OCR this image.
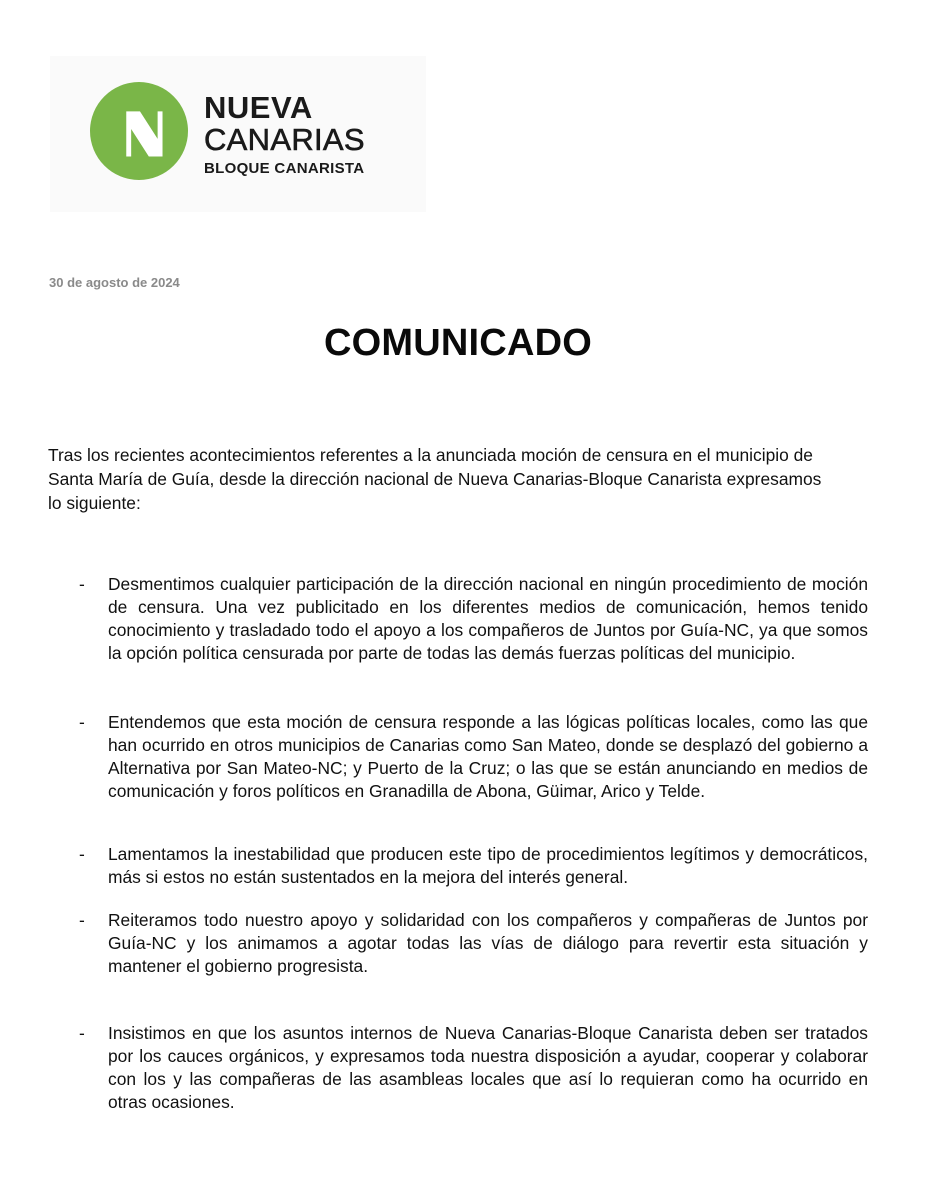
NUEVA
CANARIAS
BLOQUE CANARISTA
30 de agosto de 2024
COMUNICADO
Tras los recientes acontecimientos referentes a la anunciada moción de censura en el municipio de Santa María de Guía, desde la dirección nacional de Nueva Canarias-Bloque Canarista expresamos lo siguiente:
- Desmentimos cualquier participación de la dirección nacional en ningún procedimiento de moción de censura. Una vez publicitado en los diferentes medios de comunicación, hemos tenido conocimiento y trasladado todo el apoyo a los compañeros de Juntos por Guía-NC, ya que somos la opción política censurada por parte de todas las demás fuerzas políticas del municipio.
- Entendemos que esta moción de censura responde a las lógicas políticas locales, como las que han ocurrido en otros municipios de Canarias como San Mateo, donde se desplazó del gobierno a Alternativa por San Mateo-NC; y Puerto de la Cruz; o las que se están anunciando en medios de comunicación y foros políticos en Granadilla de Abona, Güimar, Arico y Telde.
- Lamentamos la inestabilidad que producen este tipo de procedimientos legítimos y democráticos, más si estos no están sustentados en la mejora del interés general.
- Reiteramos todo nuestro apoyo y solidaridad con los compañeros y compañeras de Juntos por Guía-NC y los animamos a agotar todas las vías de diálogo para revertir esta situación y mantener el gobierno progresista.
- Insistimos en que los asuntos internos de Nueva Canarias-Bloque Canarista deben ser tratados por los cauces orgánicos, y expresamos toda nuestra disposición a ayudar, cooperar y colaborar con los y las compañeras de las asambleas locales que así lo requieran como ha ocurrido en otras ocasiones.
